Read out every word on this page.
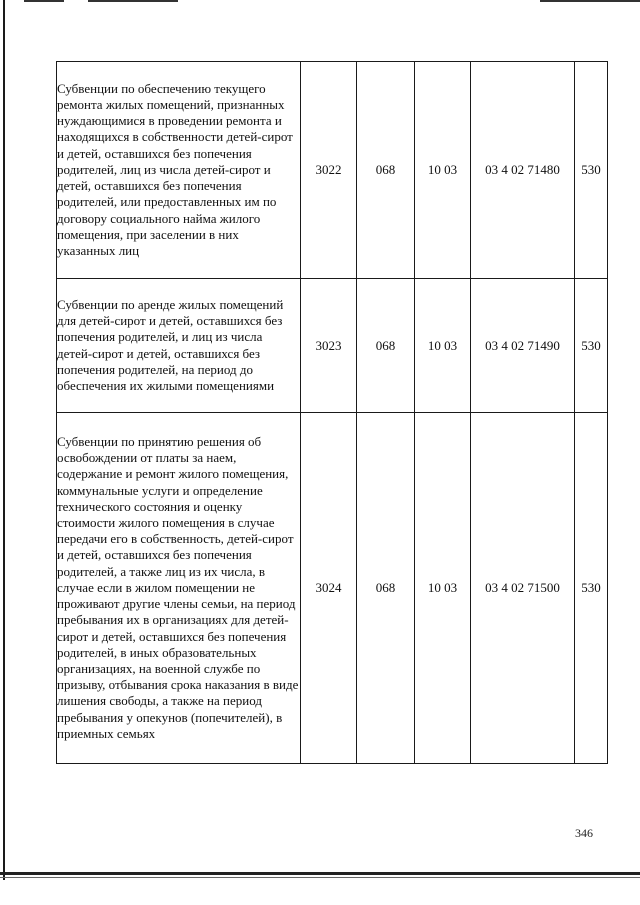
Субвенции по обеспечению текущего ремонта жилых помещений, признанных нуждающимися в проведении ремонта и находящихся в собственности детей-сирот и детей, оставшихся без попечения родителей, лиц из числа детей-сирот и детей, оставшихся без попечения родителей, или предоставленных им по договору социального найма жилого помещения, при заселении в них указанных лиц	3022	068	10 03	03 4 02 71480	530
Субвенции по аренде жилых помещений для детей-сирот и детей, оставшихся без попечения родителей, и лиц из числа детей-сирот и детей, оставшихся без попечения родителей, на период до обеспечения их жилыми помещениями	3023	068	10 03	03 4 02 71490	530
Субвенции по принятию решения об освобождении от платы за наем, содержание и ремонт жилого помещения, коммунальные услуги и определение технического состояния и оценку стоимости жилого помещения в случае передачи его в собственность, детей-сирот и детей, оставшихся без попечения родителей, а также лиц из их числа, в случае если в жилом помещении не проживают другие члены семьи, на период пребывания их в организациях для детей-сирот и детей, оставшихся без попечения родителей, в иных образовательных организациях, на военной службе по призыву, отбывания срока наказания в виде лишения свободы, а также на период пребывания у опекунов (попечителей), в приемных семьях	3024	068	10 03	03 4 02 71500	530
346
